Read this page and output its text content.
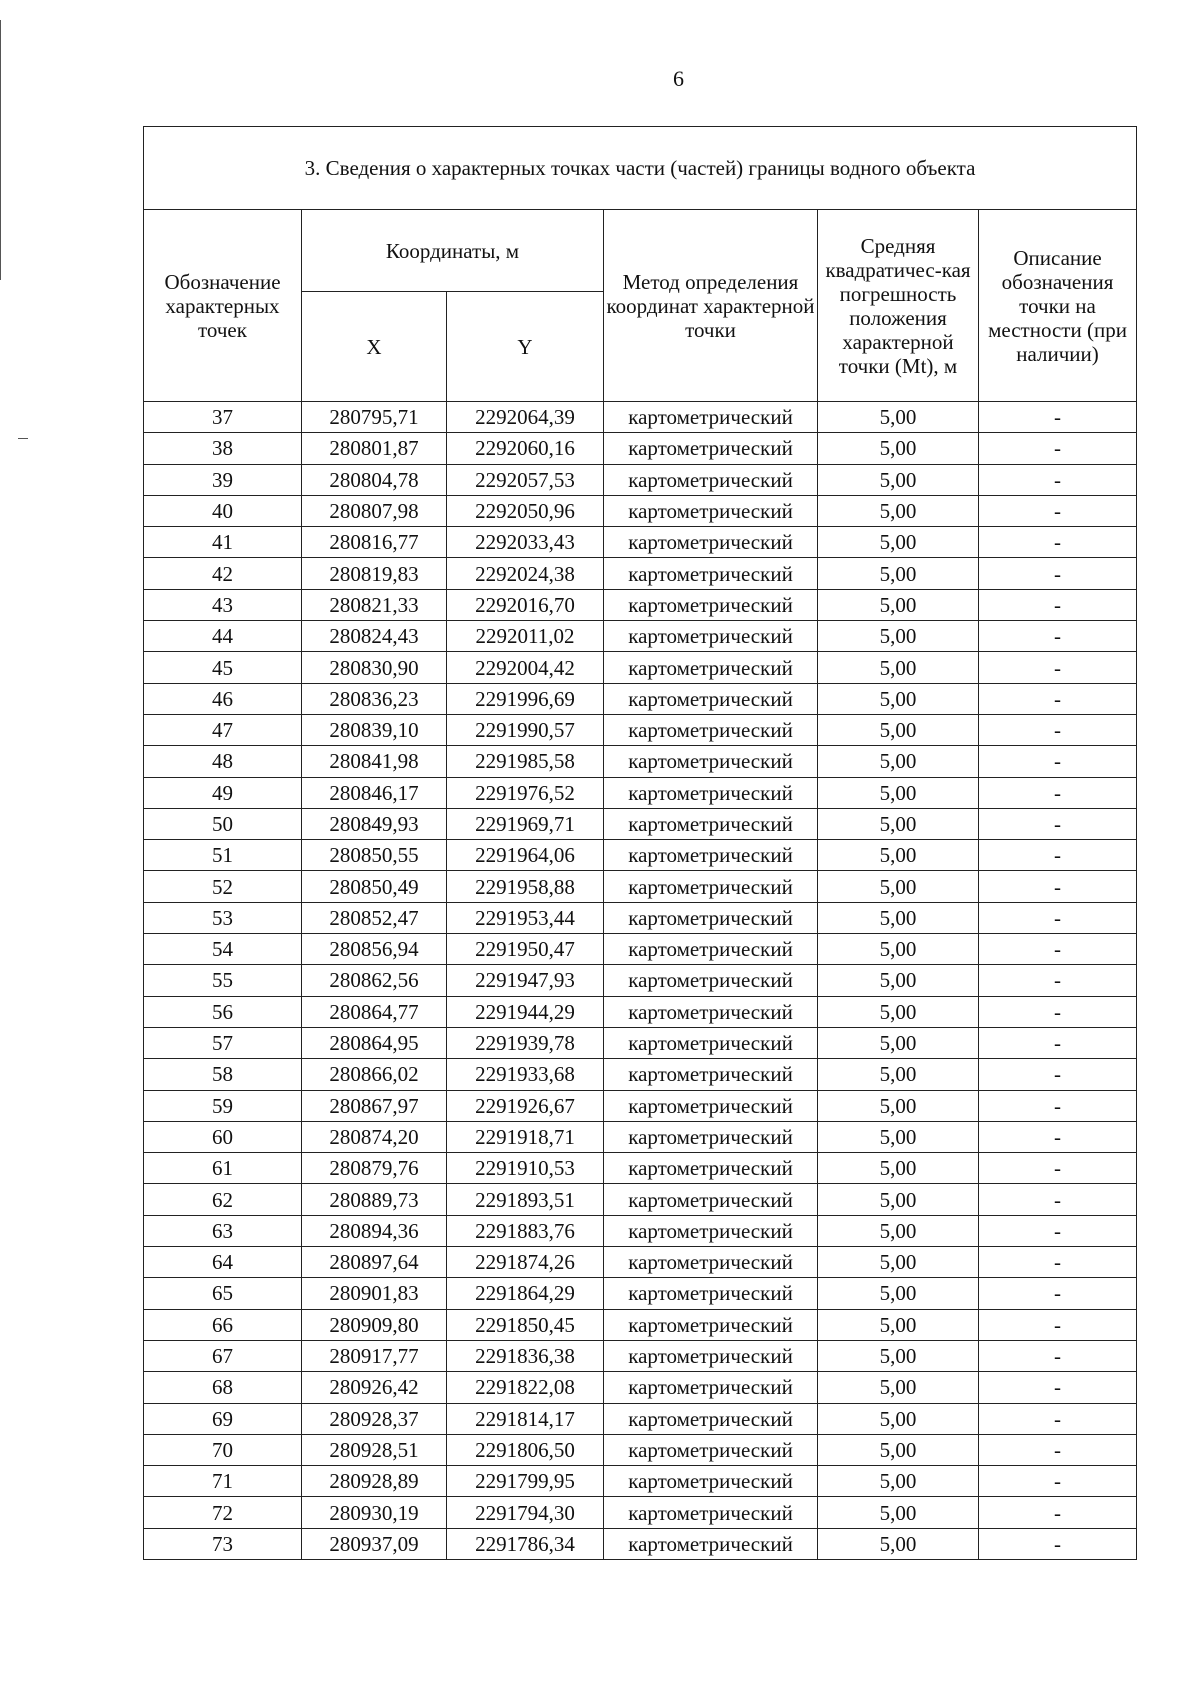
6
3. Сведения о характерных точках части (частей) границы водного объекта					
Обозначение характерных точек	Координаты, м		Метод определения координат характерной точки	Средняя квадратичес-кая погрешность положения характерной точки (Mt), м	Описание обозначения точки на местности (при наличии)
	X	Y			
37	280795,71	2292064,39	картометрический	5,00	-
38	280801,87	2292060,16	картометрический	5,00	-
39	280804,78	2292057,53	картометрический	5,00	-
40	280807,98	2292050,96	картометрический	5,00	-
41	280816,77	2292033,43	картометрический	5,00	-
42	280819,83	2292024,38	картометрический	5,00	-
43	280821,33	2292016,70	картометрический	5,00	-
44	280824,43	2292011,02	картометрический	5,00	-
45	280830,90	2292004,42	картометрический	5,00	-
46	280836,23	2291996,69	картометрический	5,00	-
47	280839,10	2291990,57	картометрический	5,00	-
48	280841,98	2291985,58	картометрический	5,00	-
49	280846,17	2291976,52	картометрический	5,00	-
50	280849,93	2291969,71	картометрический	5,00	-
51	280850,55	2291964,06	картометрический	5,00	-
52	280850,49	2291958,88	картометрический	5,00	-
53	280852,47	2291953,44	картометрический	5,00	-
54	280856,94	2291950,47	картометрический	5,00	-
55	280862,56	2291947,93	картометрический	5,00	-
56	280864,77	2291944,29	картометрический	5,00	-
57	280864,95	2291939,78	картометрический	5,00	-
58	280866,02	2291933,68	картометрический	5,00	-
59	280867,97	2291926,67	картометрический	5,00	-
60	280874,20	2291918,71	картометрический	5,00	-
61	280879,76	2291910,53	картометрический	5,00	-
62	280889,73	2291893,51	картометрический	5,00	-
63	280894,36	2291883,76	картометрический	5,00	-
64	280897,64	2291874,26	картометрический	5,00	-
65	280901,83	2291864,29	картометрический	5,00	-
66	280909,80	2291850,45	картометрический	5,00	-
67	280917,77	2291836,38	картометрический	5,00	-
68	280926,42	2291822,08	картометрический	5,00	-
69	280928,37	2291814,17	картометрический	5,00	-
70	280928,51	2291806,50	картометрический	5,00	-
71	280928,89	2291799,95	картометрический	5,00	-
72	280930,19	2291794,30	картометрический	5,00	-
73	280937,09	2291786,34	картометрический	5,00	-
